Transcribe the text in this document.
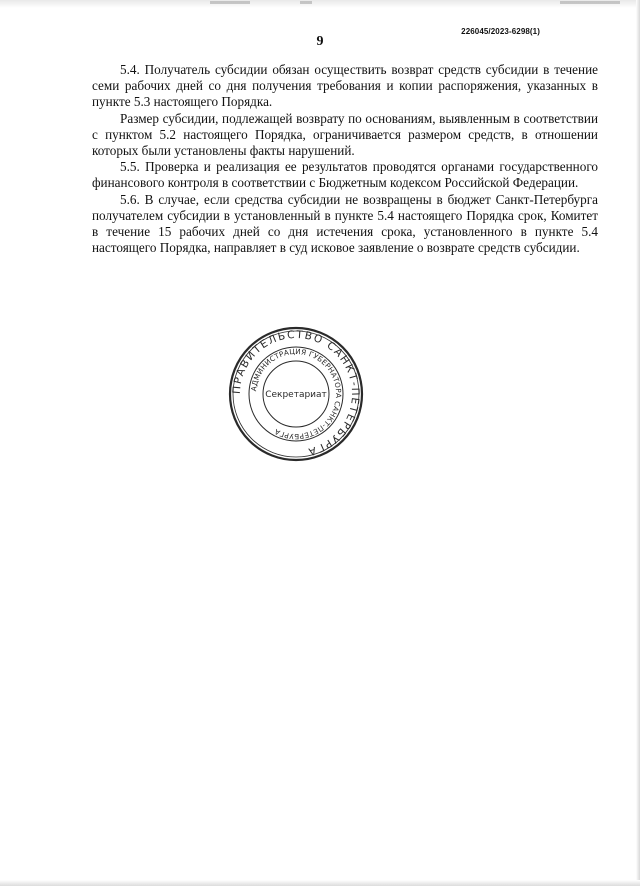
226045/2023-6298(1)
9

5.4. Получатель субсидии обязан осуществить возврат средств субсидии в течение семи рабочих дней со дня получения требования и копии распоряжения, указанных в пункте 5.3 настоящего Порядка.

Размер субсидии, подлежащей возврату по основаниям, выявленным в соответствии с пунктом 5.2 настоящего Порядка, ограничивается размером средств, в отношении которых были установлены факты нарушений.

5.5. Проверка и реализация ее результатов проводятся органами государственного финансового контроля в соответствии с Бюджетным кодексом Российской Федерации.

5.6. В случае, если средства субсидии не возвращены в бюджет Санкт-Петербурга получателем субсидии в установленный в пункте 5.4 настоящего Порядка срок, Комитет в течение 15 рабочих дней со дня истечения срока, установленного в пункте 5.4 настоящего Порядка, направляет в суд исковое заявление о возврате средств субсидии.

ПРАВИТЕЛЬСТВО САНКТ-ПЕТЕРБУРГА
АДМИНИСТРАЦИЯ ГУБЕРНАТОРА САНКТ-ПЕТЕРБУРГА
Секретариат
